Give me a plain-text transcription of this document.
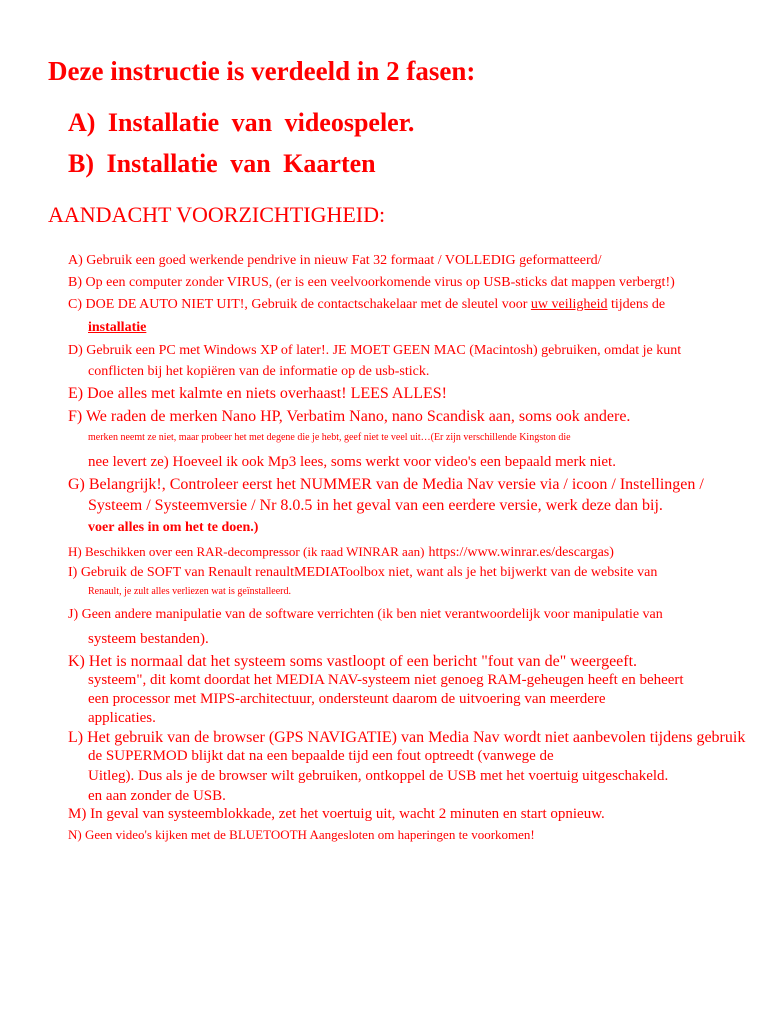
Deze instructie is verdeeld in 2 fasen:
A) Installatie van videospeler.
B) Installatie van Kaarten
AANDACHT VOORZICHTIGHEID:
A) Gebruik een goed werkende pendrive in nieuw Fat 32 formaat / VOLLEDIG geformatteerd/
B) Op een computer zonder VIRUS, (er is een veelvoorkomende virus op USB-sticks dat mappen verbergt!)
C) DOE DE AUTO NIET UIT!, Gebruik de contactschakelaar met de sleutel voor uw veiligheid tijdens de
installatie
D) Gebruik een PC met Windows XP of later!. JE MOET GEEN MAC (Macintosh) gebruiken, omdat je kunt
conflicten bij het kopiëren van de informatie op de usb-stick.
E) Doe alles met kalmte en niets overhaast! LEES ALLES!
F) We raden de merken Nano HP, Verbatim Nano, nano Scandisk aan, soms ook andere.
merken neemt ze niet, maar probeer het met degene die je hebt, geef niet te veel uit…(Er zijn verschillende Kingston die
nee levert ze) Hoeveel ik ook Mp3 lees, soms werkt voor video's een bepaald merk niet.
G) Belangrijk!, Controleer eerst het NUMMER van de Media Nav versie via / icoon / Instellingen /
Systeem / Systeemversie / Nr 8.0.5 in het geval van een eerdere versie, werk deze dan bij.
voer alles in om het te doen.)
H) Beschikken over een RAR-decompressor (ik raad WINRAR aan) https://www.winrar.es/descargas)
I) Gebruik de SOFT van Renault renaultMEDIAToolbox niet, want als je het bijwerkt van de website van
Renault, je zult alles verliezen wat is geïnstalleerd.
J) Geen andere manipulatie van de software verrichten (ik ben niet verantwoordelijk voor manipulatie van
systeem bestanden).
K) Het is normaal dat het systeem soms vastloopt of een bericht "fout van de" weergeeft.
systeem", dit komt doordat het MEDIA NAV-systeem niet genoeg RAM-geheugen heeft en beheert
een processor met MIPS-architectuur, ondersteunt daarom de uitvoering van meerdere
applicaties.
L) Het gebruik van de browser (GPS NAVIGATIE) van Media Nav wordt niet aanbevolen tijdens gebruik
de SUPERMOD blijkt dat na een bepaalde tijd een fout optreedt (vanwege de
Uitleg). Dus als je de browser wilt gebruiken, ontkoppel de USB met het voertuig uitgeschakeld.
en aan zonder de USB.
M) In geval van systeemblokkade, zet het voertuig uit, wacht 2 minuten en start opnieuw.
N) Geen video's kijken met de BLUETOOTH Aangesloten om haperingen te voorkomen!
